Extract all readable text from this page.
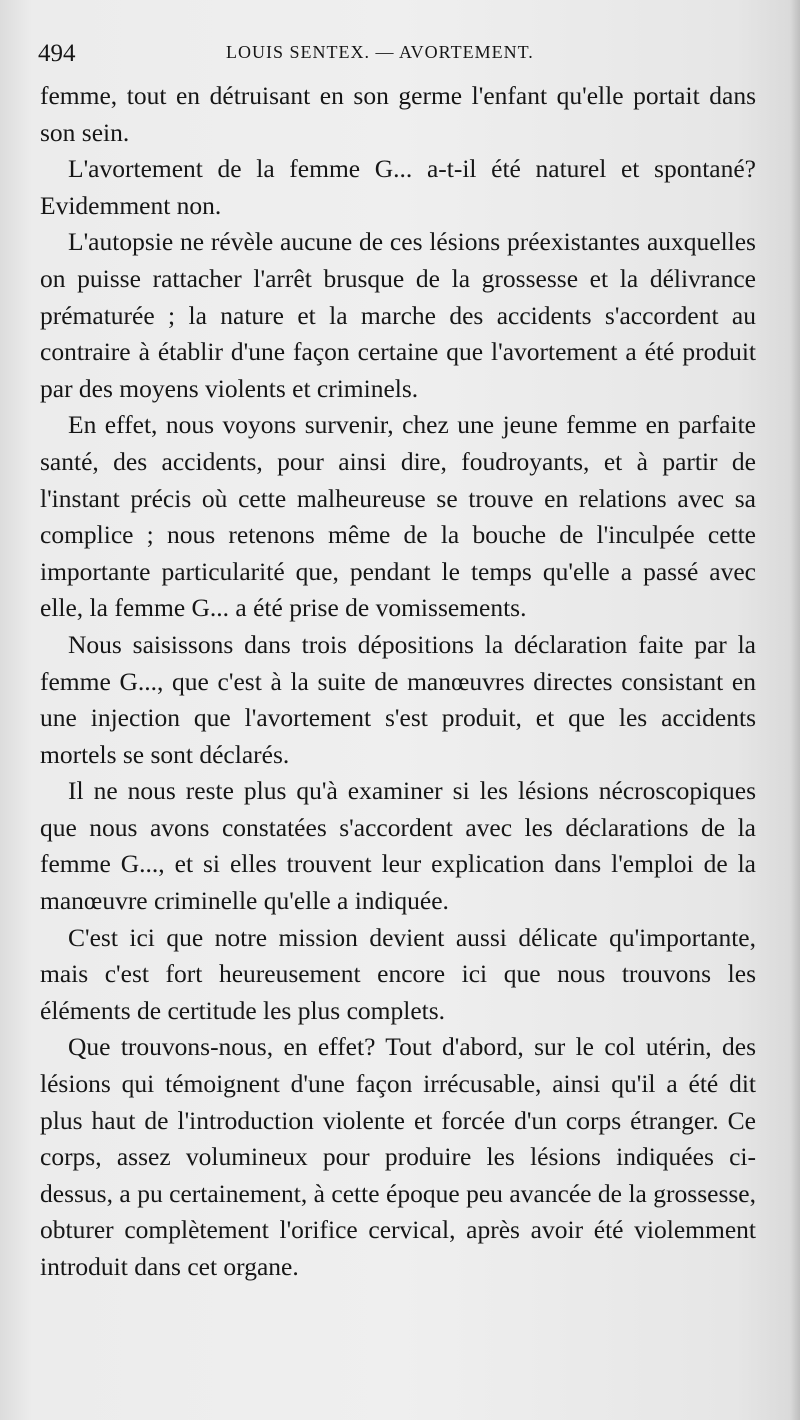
494	LOUIS SENTEX. — AVORTEMENT.

femme, tout en détruisant en son germe l'enfant qu'elle portait dans son sein.

L'avortement de la femme G... a-t-il été naturel et spontané? Evidemment non.

L'autopsie ne révèle aucune de ces lésions préexistantes auxquelles on puisse rattacher l'arrêt brusque de la grossesse et la délivrance prématurée ; la nature et la marche des accidents s'accordent au contraire à établir d'une façon certaine que l'avortement a été produit par des moyens violents et criminels.

En effet, nous voyons survenir, chez une jeune femme en parfaite santé, des accidents, pour ainsi dire, foudroyants, et à partir de l'instant précis où cette malheureuse se trouve en relations avec sa complice ; nous retenons même de la bouche de l'inculpée cette importante particularité que, pendant le temps qu'elle a passé avec elle, la femme G... a été prise de vomissements.

Nous saisissons dans trois dépositions la déclaration faite par la femme G..., que c'est à la suite de manœuvres directes consistant en une injection que l'avortement s'est produit, et que les accidents mortels se sont déclarés.

Il ne nous reste plus qu'à examiner si les lésions nécroscopiques que nous avons constatées s'accordent avec les déclarations de la femme G..., et si elles trouvent leur explication dans l'emploi de la manœuvre criminelle qu'elle a indiquée.

C'est ici que notre mission devient aussi délicate qu'importante, mais c'est fort heureusement encore ici que nous trouvons les éléments de certitude les plus complets.

Que trouvons-nous, en effet? Tout d'abord, sur le col utérin, des lésions qui témoignent d'une façon irrécusable, ainsi qu'il a été dit plus haut de l'introduction violente et forcée d'un corps étranger. Ce corps, assez volumineux pour produire les lésions indiquées ci-dessus, a pu certainement, à cette époque peu avancée de la grossesse, obturer complètement l'orifice cervical, après avoir été violemment introduit dans cet organe.
